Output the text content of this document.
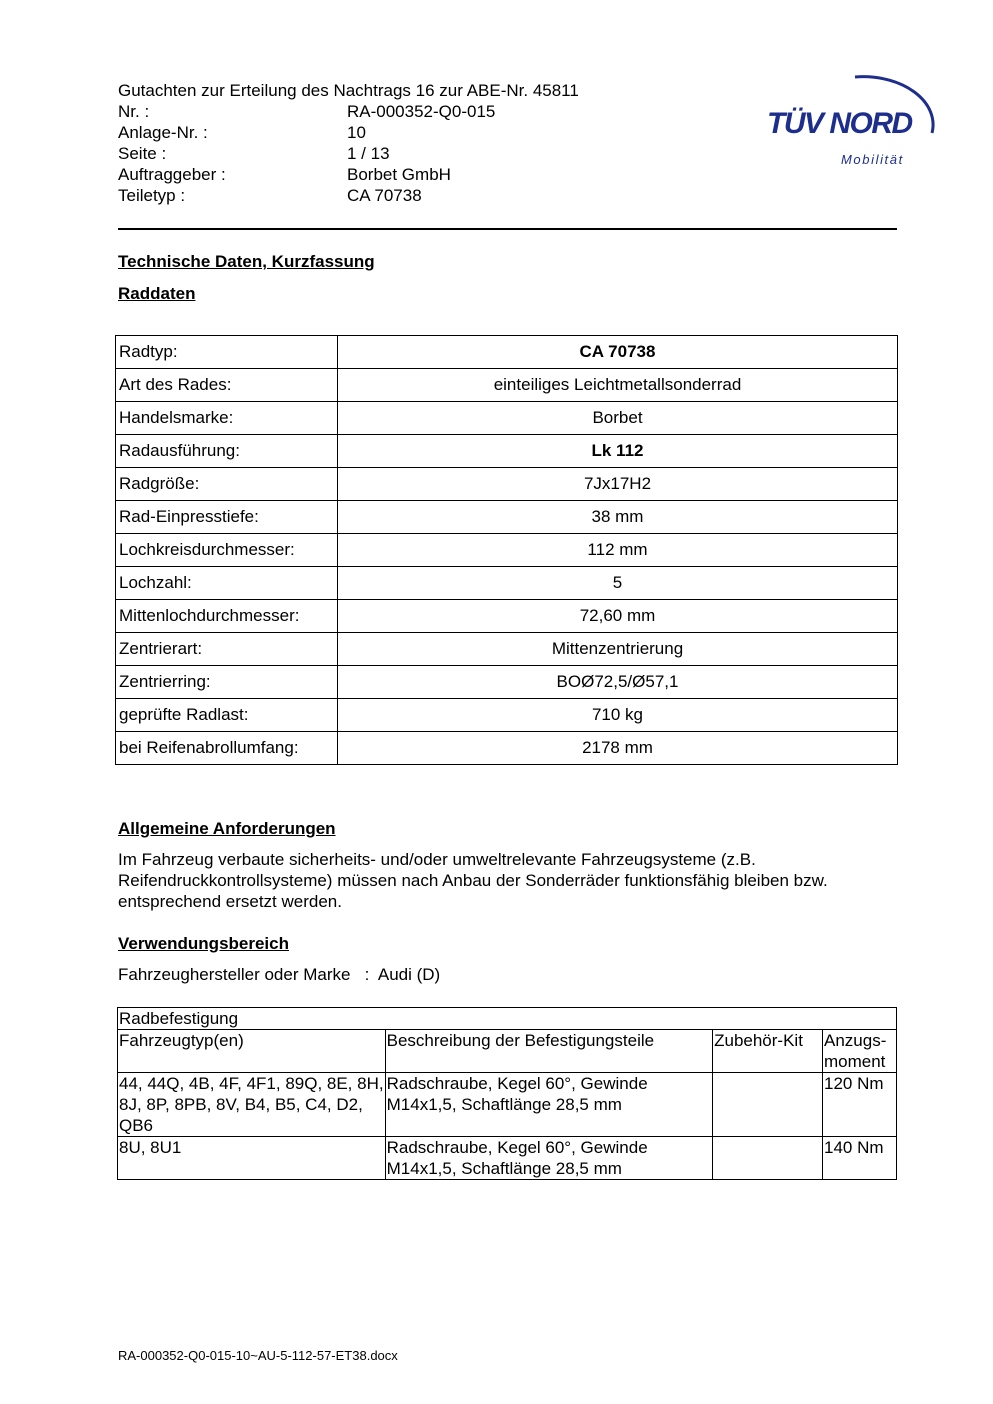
Gutachten zur Erteilung des Nachtrags 16 zur ABE-Nr. 45811
Nr. :	RA-000352-Q0-015
Anlage-Nr. :	10
Seite :	1 / 13
Auftraggeber :	Borbet GmbH
Teiletyp :	CA 70738
TÜV NORD
Mobilität
Technische Daten, Kurzfassung
Raddaten
Radtyp:	CA 70738
Art des Rades:	einteiliges Leichtmetallsonderrad
Handelsmarke:	Borbet
Radausführung:	Lk 112
Radgröße:	7Jx17H2
Rad-Einpresstiefe:	38 mm
Lochkreisdurchmesser:	112 mm
Lochzahl:	5
Mittenlochdurchmesser:	72,60 mm
Zentrierart:	Mittenzentrierung
Zentrierring:	BOØ72,5/Ø57,1
geprüfte Radlast:	710 kg
bei Reifenabrollumfang:	2178 mm
Allgemeine Anforderungen
Im Fahrzeug verbaute sicherheits- und/oder umweltrelevante Fahrzeugsysteme (z.B. Reifendruckkontrollsysteme) müssen nach Anbau der Sonderräder funktionsfähig bleiben bzw. entsprechend ersetzt werden.
Verwendungsbereich
Fahrzeughersteller oder Marke : Audi (D)
Radbefestigung			
Fahrzeugtyp(en)	Beschreibung der Befestigungsteile	Zubehör-Kit	Anzugs-moment
44, 44Q, 4B, 4F, 4F1, 89Q, 8E, 8H, 8J, 8P, 8PB, 8V, B4, B5, C4, D2, QB6	Radschraube, Kegel 60°, Gewinde M14x1,5, Schaftlänge 28,5 mm		120 Nm
8U, 8U1	Radschraube, Kegel 60°, Gewinde M14x1,5, Schaftlänge 28,5 mm		140 Nm
RA-000352-Q0-015-10~AU-5-112-57-ET38.docx
